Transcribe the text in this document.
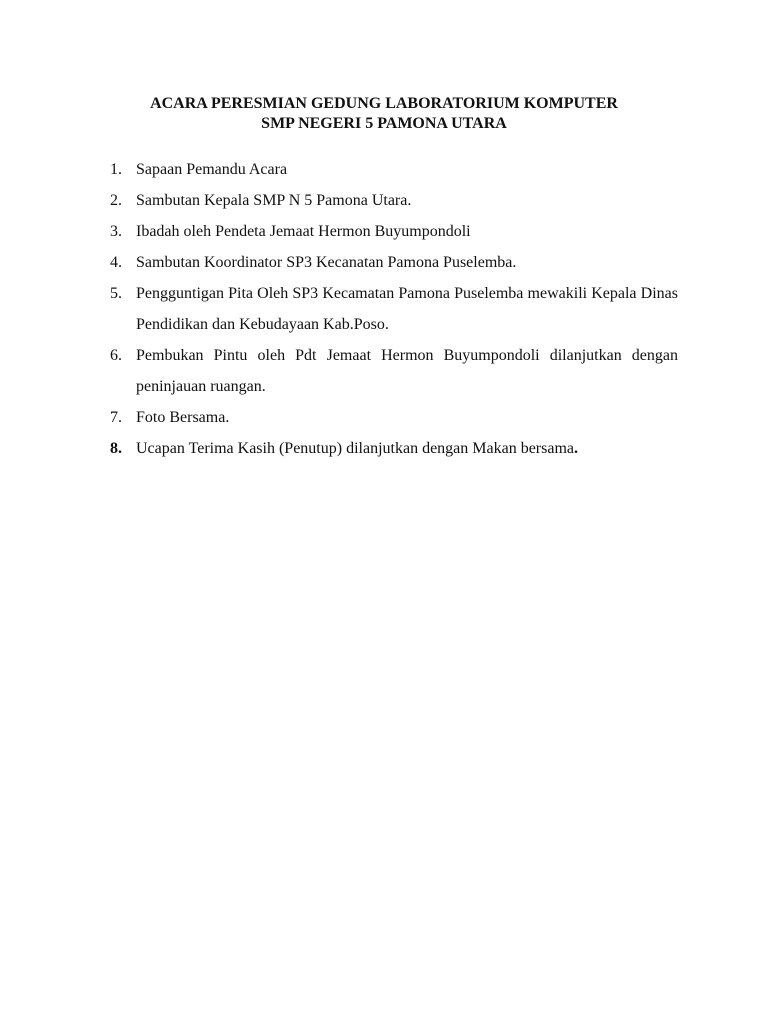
ACARA PERESMIAN GEDUNG LABORATORIUM KOMPUTER
SMP NEGERI 5 PAMONA UTARA
1. Sapaan Pemandu Acara
2. Sambutan Kepala SMP N 5 Pamona Utara.
3. Ibadah oleh Pendeta Jemaat Hermon Buyumpondoli
4. Sambutan Koordinator SP3 Kecanatan Pamona Puselemba.
5. Pengguntigan Pita Oleh SP3 Kecamatan Pamona Puselemba mewakili Kepala Dinas Pendidikan dan Kebudayaan Kab.Poso.
6. Pembukan Pintu oleh Pdt Jemaat Hermon Buyumpondoli dilanjutkan dengan peninjauan ruangan.
7. Foto Bersama.
8. Ucapan Terima Kasih (Penutup) dilanjutkan dengan Makan bersama.
